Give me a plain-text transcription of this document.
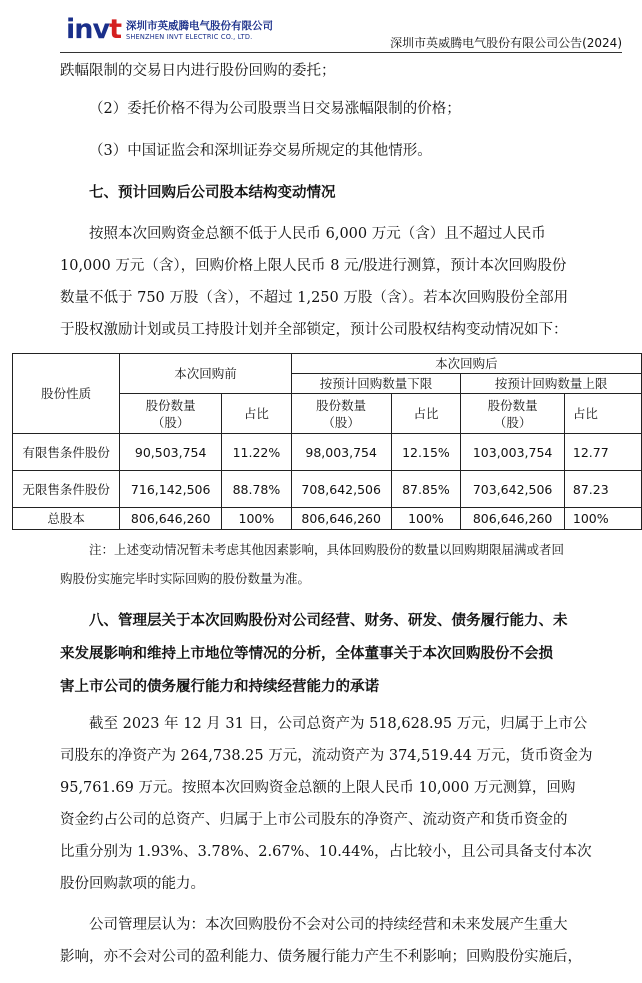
invt 深圳市英威腾电气股份有限公司
SHENZHEN INVT ELECTRIC CO., LTD.	深圳市英威腾电气股份有限公司公告(2024)
跌幅限制的交易日内进行股份回购的委托；
（2）委托价格不得为公司股票当日交易涨幅限制的价格；
（3）中国证监会和深圳证券交易所规定的其他情形。
七、预计回购后公司股本结构变动情况
按照本次回购资金总额不低于人民币 6,000 万元（含）且不超过人民币
10,000 万元（含），回购价格上限人民币 8 元/股进行测算，预计本次回购股份
数量不低于 750 万股（含），不超过 1,250 万股（含）。若本次回购股份全部用
于股权激励计划或员工持股计划并全部锁定，预计公司股权结构变动情况如下：
股份性质	本次回购前		本次回购后			
			按预计回购数量下限		按预计回购数量上限	
	股份数量
（股）	占比	股份数量
（股）	占比	股份数量
（股）	占比
有限售条件股份	90,503,754	11.22%	98,003,754	12.15%	103,003,754	12.77
无限售条件股份	716,142,506	88.78%	708,642,506	87.85%	703,642,506	87.23
总股本	806,646,260	100%	806,646,260	100%	806,646,260	100%
注：上述变动情况暂未考虑其他因素影响，具体回购股份的数量以回购期限届满或者回
购股份实施完毕时实际回购的股份数量为准。
八、管理层关于本次回购股份对公司经营、财务、研发、债务履行能力、未
来发展影响和维持上市地位等情况的分析，全体董事关于本次回购股份不会损
害上市公司的债务履行能力和持续经营能力的承诺
截至 2023 年 12 月 31 日，公司总资产为 518,628.95 万元，归属于上市公
司股东的净资产为 264,738.25 万元，流动资产为 374,519.44 万元，货币资金为
95,761.69 万元。按照本次回购资金总额的上限人民币 10,000 万元测算，回购
资金约占公司的总资产、归属于上市公司股东的净资产、流动资产和货币资金的
比重分别为 1.93%、3.78%、2.67%、10.44%，占比较小，且公司具备支付本次
股份回购款项的能力。
公司管理层认为：本次回购股份不会对公司的持续经营和未来发展产生重大
影响，亦不会对公司的盈利能力、债务履行能力产生不利影响；回购股份实施后，
